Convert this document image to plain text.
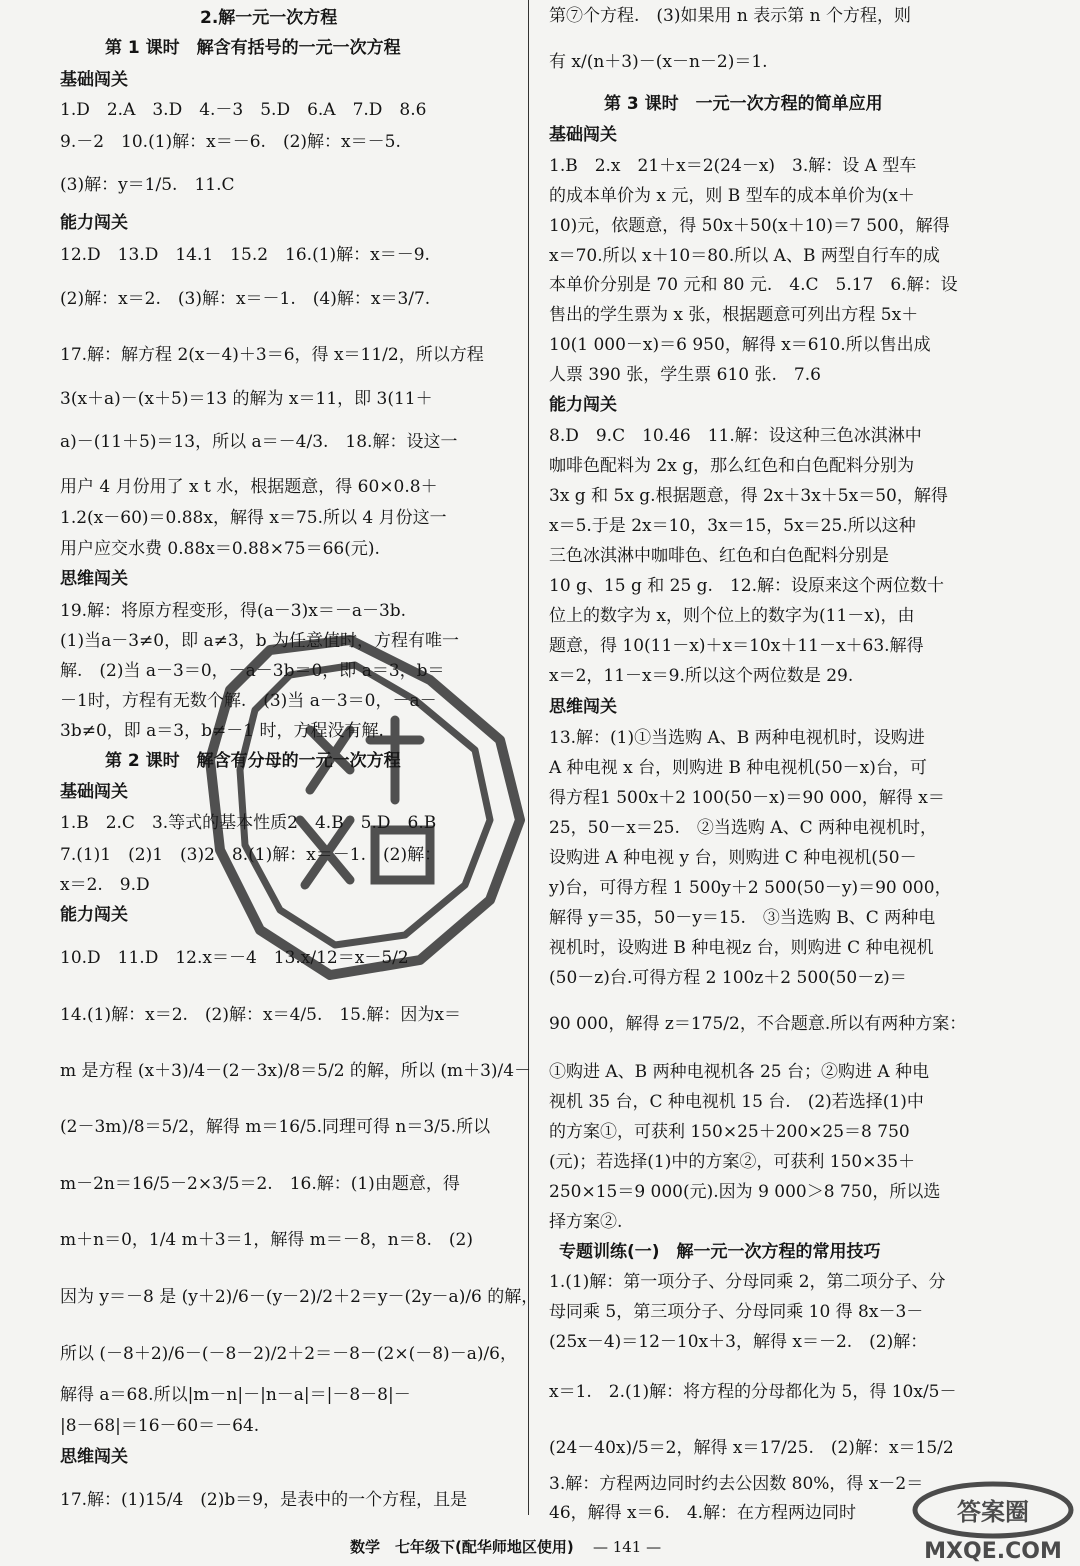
2.解一元一次方程
第 1 课时　解含有括号的一元一次方程
基础闯关
1.D　2.A　3.D　4.－3　5.D　6.A　7.D　8.6
9.－2　10.(1)解：x＝－6.　(2)解：x＝－5.
(3)解：y＝1/5.　11.C
能力闯关
12.D　13.D　14.1　15.2　16.(1)解：x＝－9.
(2)解：x＝2.　(3)解：x＝－1.　(4)解：x＝3/7.
17.解：解方程 2(x－4)＋3＝6，得 x＝11/2，所以方程
3(x＋a)－(x＋5)＝13 的解为 x＝11，即 3(11＋
a)－(11＋5)＝13，所以 a＝－4/3.　18.解：设这一
用户 4 月份用了 x t 水，根据题意，得 60×0.8＋
1.2(x－60)＝0.88x，解得 x＝75.所以 4 月份这一
用户应交水费 0.88x＝0.88×75＝66(元).
思维闯关
19.解：将原方程变形，得(a－3)x＝－a－3b.
(1)当a－3≠0，即 a≠3，b 为任意值时，方程有唯一
解.　(2)当 a－3＝0，－a－3b＝0，即 a＝3，b＝
－1时，方程有无数个解.　(3)当 a－3＝0，－a－
3b≠0，即 a＝3，b≠－1 时，方程没有解.
第 2 课时　解含有分母的一元一次方程
基础闯关
1.B　2.C　3.等式的基本性质2　4.B　5.D　6.B
7.(1)1　(2)1　(3)2　8.(1)解：x＝－1.　(2)解：
x＝2.　9.D
能力闯关
10.D　11.D　12.x＝－4　13.x/12＝x－5/2
14.(1)解：x＝2.　(2)解：x＝4/5.　15.解：因为x＝
m 是方程 (x＋3)/4－(2－3x)/8＝5/2 的解，所以 (m＋3)/4－
(2－3m)/8＝5/2，解得 m＝16/5.同理可得 n＝3/5.所以
m－2n＝16/5－2×3/5＝2.　16.解：(1)由题意，得
m＋n＝0，1/4 m＋3＝1，解得 m＝－8，n＝8.　(2)
因为 y＝－8 是 (y＋2)/6－(y－2)/2＋2＝y－(2y－a)/6 的解，
所以 (－8＋2)/6－(－8－2)/2＋2＝－8－(2×(－8)－a)/6，
解得 a＝68.所以|m－n|－|n－a|＝|－8－8|－
|8－68|＝16－60＝－64.
思维闯关
17.解：(1)15/4　(2)b＝9，是表中的一个方程，且是
第⑦个方程.　(3)如果用 n 表示第 n 个方程，则
有 x/(n＋3)－(x－n－2)＝1.
第 3 课时　一元一次方程的简单应用
基础闯关
1.B　2.x　21＋x＝2(24－x)　3.解：设 A 型车
的成本单价为 x 元，则 B 型车的成本单价为(x＋
10)元，依题意，得 50x＋50(x＋10)＝7 500，解得
x＝70.所以 x＋10＝80.所以 A、B 两型自行车的成
本单价分别是 70 元和 80 元.　4.C　5.17　6.解：设
售出的学生票为 x 张，根据题意可列出方程 5x＋
10(1 000－x)＝6 950，解得 x＝610.所以售出成
人票 390 张，学生票 610 张.　7.6
能力闯关
8.D　9.C　10.46　11.解：设这种三色冰淇淋中
咖啡色配料为 2x g，那么红色和白色配料分别为
3x g 和 5x g.根据题意，得 2x＋3x＋5x＝50，解得
x＝5.于是 2x＝10，3x＝15，5x＝25.所以这种
三色冰淇淋中咖啡色、红色和白色配料分别是
10 g、15 g 和 25 g.　12.解：设原来这个两位数十
位上的数字为 x，则个位上的数字为(11－x)，由
题意，得 10(11－x)＋x＝10x＋11－x＋63.解得
x＝2，11－x＝9.所以这个两位数是 29.
思维闯关
13.解：(1)①当选购 A、B 两种电视机时，设购进
A 种电视 x 台，则购进 B 种电视机(50－x)台，可
得方程1 500x＋2 100(50－x)＝90 000，解得 x＝
25，50－x＝25.　②当选购 A、C 两种电视机时，
设购进 A 种电视 y 台，则购进 C 种电视机(50－
y)台，可得方程 1 500y＋2 500(50－y)＝90 000，
解得 y＝35，50－y＝15.　③当选购 B、C 两种电
视机时，设购进 B 种电视z 台，则购进 C 种电视机
(50－z)台.可得方程 2 100z＋2 500(50－z)＝
90 000，解得 z＝175/2，不合题意.所以有两种方案：
①购进 A、B 两种电视机各 25 台；②购进 A 种电
视机 35 台，C 种电视机 15 台.　(2)若选择(1)中
的方案①，可获利 150×25＋200×25＝8 750
(元)；若选择(1)中的方案②，可获利 150×35＋
250×15＝9 000(元).因为 9 000＞8 750，所以选
择方案②.
专题训练(一)　解一元一次方程的常用技巧
1.(1)解：第一项分子、分母同乘 2，第二项分子、分
母同乘 5，第三项分子、分母同乘 10 得 8x－3－
(25x－4)＝12－10x＋3，解得 x＝－2.　(2)解：
x＝1.　2.(1)解：将方程的分母都化为 5，得 10x/5－
(24－40x)/5＝2，解得 x＝17/25.　(2)解：x＝15/2
3.解：方程两边同时约去公因数 80%，得 x－2＝
46，解得 x＝6.　4.解：在方程两边同时	答案圈
MXQE.COM
数学　七年级下(配华师地区使用) — 141 —
